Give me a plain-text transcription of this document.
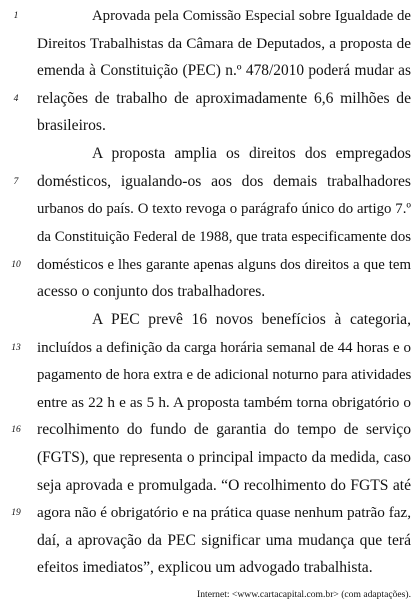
1
4
7
10
13
16
19
Aprovada pela Comissão Especial sobre Igualdade de
Direitos Trabalhistas da Câmara de Deputados, a proposta de
emenda à Constituição (PEC) n.º 478/2010 poderá mudar as
relações de trabalho de aproximadamente 6,6 milhões de
brasileiros.
A proposta amplia os direitos dos empregados
domésticos, igualando-os aos dos demais trabalhadores
urbanos do país. O texto revoga o parágrafo único do artigo 7.º
da Constituição Federal de 1988, que trata especificamente dos
domésticos e lhes garante apenas alguns dos direitos a que tem
acesso o conjunto dos trabalhadores.
A PEC prevê 16 novos benefícios à categoria,
incluídos a definição da carga horária semanal de 44 horas e o
pagamento de hora extra e de adicional noturno para atividades
entre as 22 h e as 5 h. A proposta também torna obrigatório o
recolhimento do fundo de garantia do tempo de serviço
(FGTS), que representa o principal impacto da medida, caso
seja aprovada e promulgada. “O recolhimento do FGTS até
agora não é obrigatório e na prática quase nenhum patrão faz,
daí, a aprovação da PEC significar uma mudança que terá
efeitos imediatos”, explicou um advogado trabalhista.
Internet: <www.cartacapital.com.br> (com adaptações).
